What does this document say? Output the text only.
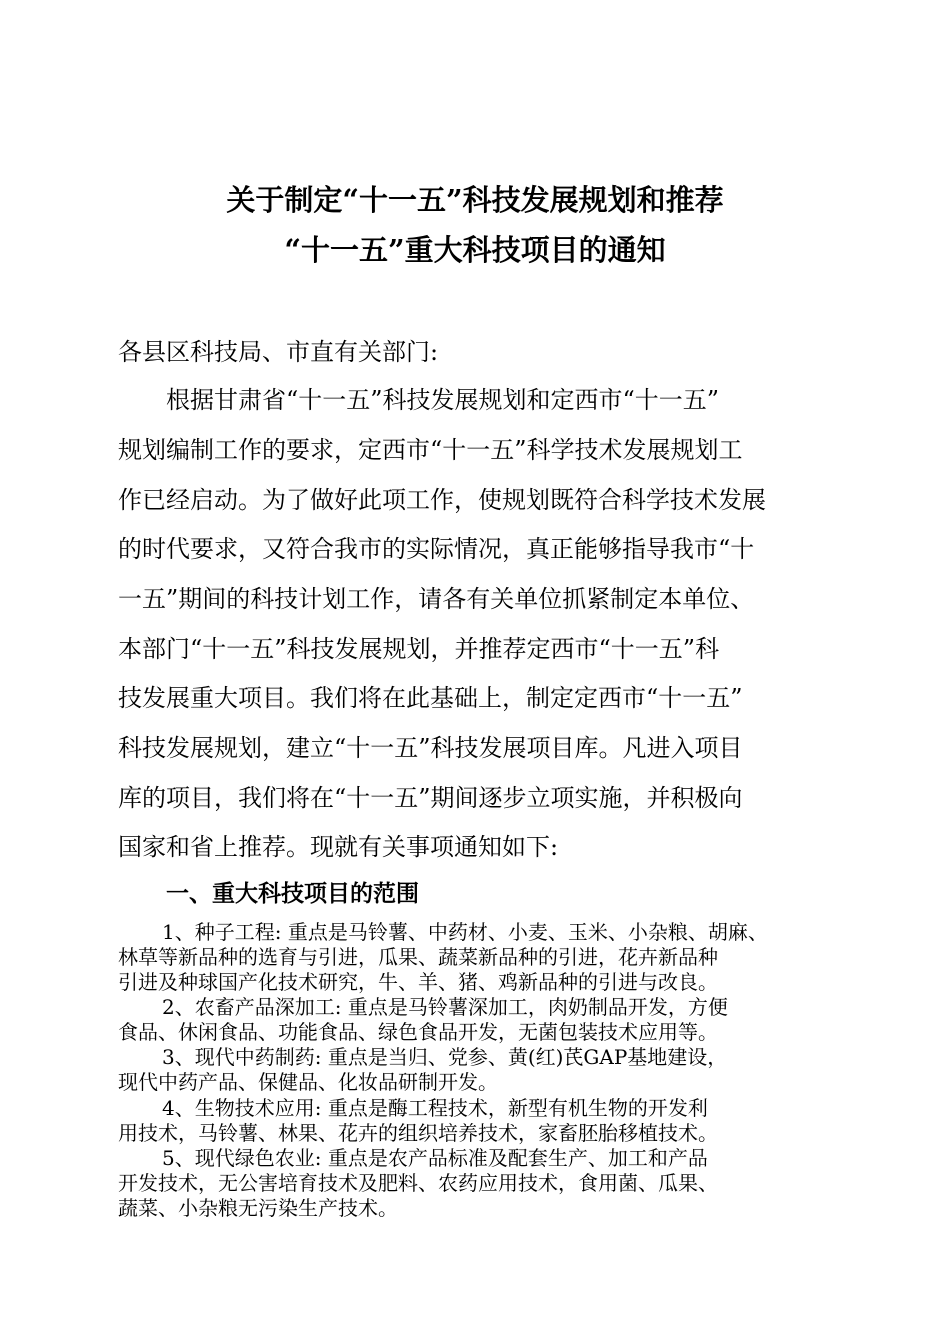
关于制定“十一五”科技发展规划和推荐
“十一五”重大科技项目的通知
各县区科技局、市直有关部门:
根据甘肃省“十一五”科技发展规划和定西市“十一五”
规划编制工作的要求，定西市“十一五”科学技术发展规划工
作已经启动。为了做好此项工作，使规划既符合科学技术发展
的时代要求，又符合我市的实际情况，真正能够指导我市“十
一五”期间的科技计划工作，请各有关单位抓紧制定本单位、
本部门“十一五”科技发展规划，并推荐定西市“十一五”科
技发展重大项目。我们将在此基础上，制定定西市“十一五”
科技发展规划，建立“十一五”科技发展项目库。凡进入项目
库的项目，我们将在“十一五”期间逐步立项实施，并积极向
国家和省上推荐。现就有关事项通知如下:
一、重大科技项目的范围
1、种子工程: 重点是马铃薯、中药材、小麦、玉米、小杂粮、胡麻、
林草等新品种的选育与引进，瓜果、蔬菜新品种的引进，花卉新品种
引进及种球国产化技术研究，牛、羊、猪、鸡新品种的引进与改良。
2、农畜产品深加工: 重点是马铃薯深加工，肉奶制品开发，方便
食品、休闲食品、功能食品、绿色食品开发，无菌包装技术应用等。
3、现代中药制药: 重点是当归、党参、黄(红)芪GAP基地建设，
现代中药产品、保健品、化妆品研制开发。
4、生物技术应用: 重点是酶工程技术，新型有机生物的开发利
用技术，马铃薯、林果、花卉的组织培养技术，家畜胚胎移植技术。
5、现代绿色农业: 重点是农产品标准及配套生产、加工和产品
开发技术，无公害培育技术及肥料、农药应用技术，食用菌、瓜果、
蔬菜、小杂粮无污染生产技术。
